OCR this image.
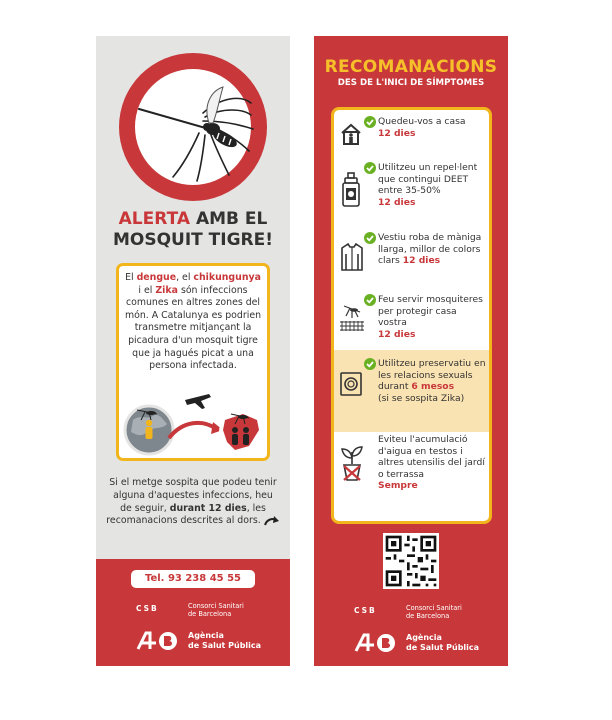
ALERTA AMB EL
MOSQUIT TIGRE!

El dengue, el chikungunya
i el Zika són infeccions comunes en altres zones del món. A Catalunya es podrien transmetre mitjançant la picadura d'un mosquit tigre que ja hagués picat a una persona infectada.

Si el metge sospita que podeu tenir alguna d'aquestes infeccions, heu de seguir, durant 12 dies, les recomanacions descrites al dors.

Tel. 93 238 45 55
CSB	Consorci Sanitari
de Barcelona
Agència
de Salut Pública
RECOMANACIONS
DES DE L'INICI DE SÍMPTOMES

Quedeu-vos a casa
12 dies

Utilitzeu un repel·lent que contingui DEET entre 35-50%
12 dies

Vestiu roba de màniga llarga, millor de colors clars 12 dies

Feu servir mosquiteres per protegir casa vostra
12 dies

Utilitzeu preservatiu en les relacions sexuals durant 6 mesos
(si se sospita Zika)

Eviteu l'acumulació d'aigua en testos i altres utensilis del jardí o terrassa
Sempre

CSB	Consorci Sanitari
de Barcelona
Agència
de Salut Pública
